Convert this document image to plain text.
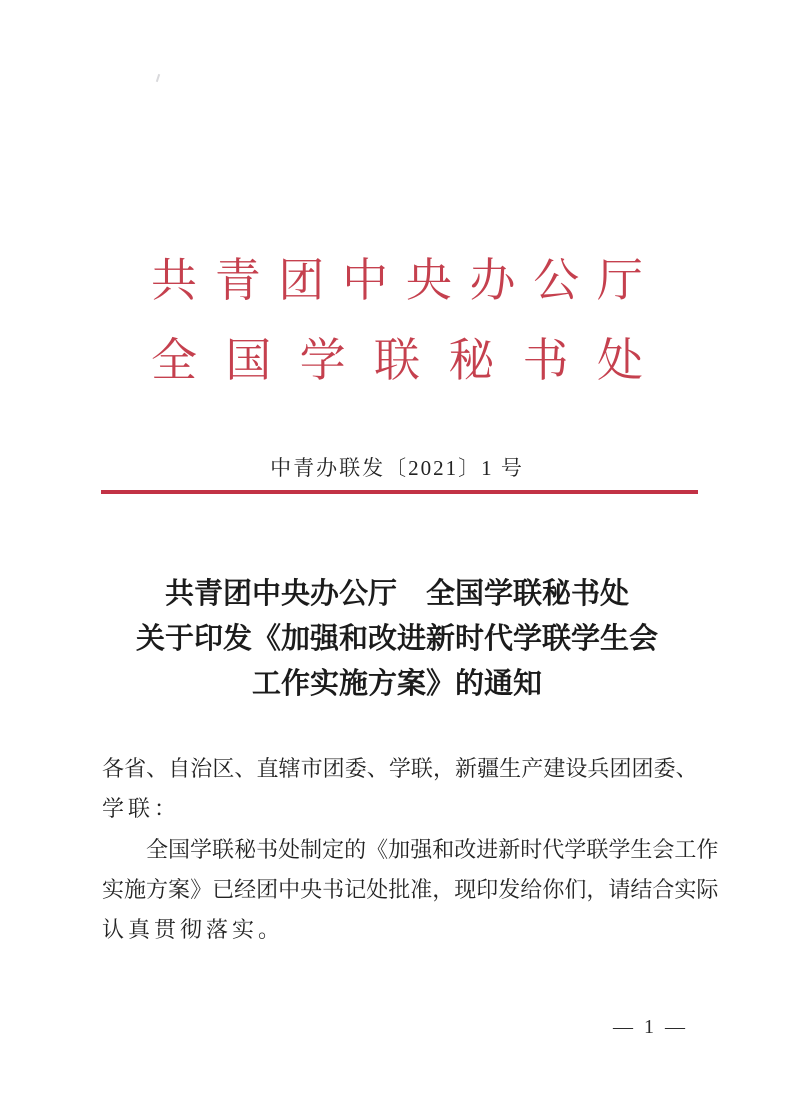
共 青 团 中 央 办 公 厅
全 国 学 联 秘 书 处
中青办联发〔2021〕1 号
共青团中央办公厅　全国学联秘书处
关于印发《加强和改进新时代学联学生会
工作实施方案》的通知
各 省 、 自 治 区 、 直 辖 市 团 委 、 学 联 ， 新 疆 生 产 建 设 兵 团 团 委 、
学联：
全 国 学 联 秘 书 处 制 定 的 《 加 强 和 改 进 新 时 代 学 联 学 生 会 工 作
实 施 方 案 》 已 经 团 中 央 书 记 处 批 准 ， 现 印 发 给 你 们 ， 请 结 合 实 际
认真贯彻落实。
— 1 —
